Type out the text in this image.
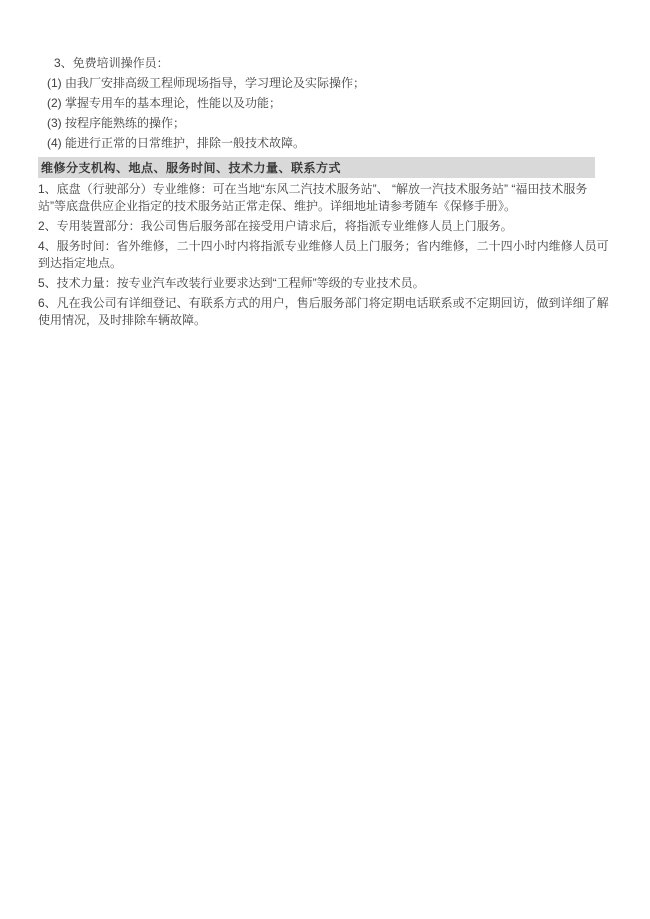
3、免费培训操作员：

(1) 由我厂安排高级工程师现场指导，学习理论及实际操作；

(2) 掌握专用车的基本理论，性能以及功能；

(3) 按程序能熟练的操作；

(4) 能进行正常的日常维护，排除一般技术故障。

维修分支机构、地点、服务时间、技术力量、联系方式

1、底盘（行驶部分）专业维修：可在当地“东风二汽技术服务站”、 “解放一汽技术服务站” “福田技术服务站”等底盘供应企业指定的技术服务站正常走保、维护。详细地址请参考随车《保修手册》。

2、专用装置部分：我公司售后服务部在接受用户请求后，将指派专业维修人员上门服务。

4、服务时间：省外维修，二十四小时内将指派专业维修人员上门服务；省内维修，二十四小时内维修人员可到达指定地点。

5、技术力量：按专业汽车改装行业要求达到“工程师”等级的专业技术员。

6、凡在我公司有详细登记、有联系方式的用户，售后服务部门将定期电话联系或不定期回访，做到详细了解使用情况，及时排除车辆故障。
